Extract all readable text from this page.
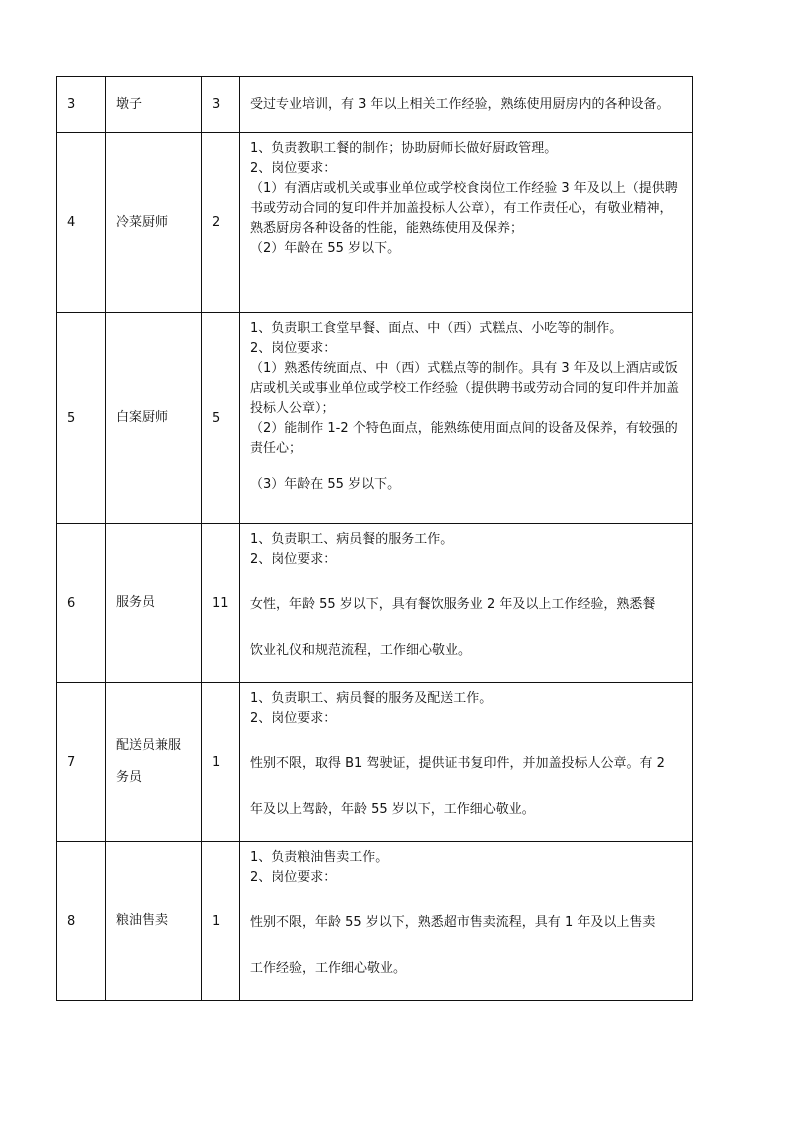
3	墩子	3	受过专业培训，有 3 年以上相关工作经验，熟练使用厨房内的各种设备。

4	冷菜厨师	2	1、负责教职工餐的制作；协助厨师长做好厨政管理。
2、岗位要求：
（1）有酒店或机关或事业单位或学校食岗位工作经验 3 年及以上（提供聘书或劳动合同的复印件并加盖投标人公章），有工作责任心，有敬业精神，熟悉厨房各种设备的性能，能熟练使用及保养；
（2）年龄在 55 岁以下。

5	白案厨师	5	1、负责职工食堂早餐、面点、中（西）式糕点、小吃等的制作。
2、岗位要求：
（1）熟悉传统面点、中（西）式糕点等的制作。具有 3 年及以上酒店或饭店或机关或事业单位或学校工作经验（提供聘书或劳动合同的复印件并加盖投标人公章）；
（2）能制作 1-2 个特色面点，能熟练使用面点间的设备及保养，有较强的责任心；
（3）年龄在 55 岁以下。

6	服务员	11	1、负责职工、病员餐的服务工作。
2、岗位要求：
女性，年龄 55 岁以下，具有餐饮服务业 2 年及以上工作经验，熟悉餐
饮业礼仪和规范流程，工作细心敬业。

7	配送员兼服
务员	1	1、负责职工、病员餐的服务及配送工作。
2、岗位要求：
性别不限，取得 B1 驾驶证，提供证书复印件，并加盖投标人公章。有 2
年及以上驾龄，年龄 55 岁以下，工作细心敬业。

8	粮油售卖	1	1、负责粮油售卖工作。
2、岗位要求：
性别不限，年龄 55 岁以下，熟悉超市售卖流程，具有 1 年及以上售卖
工作经验，工作细心敬业。
